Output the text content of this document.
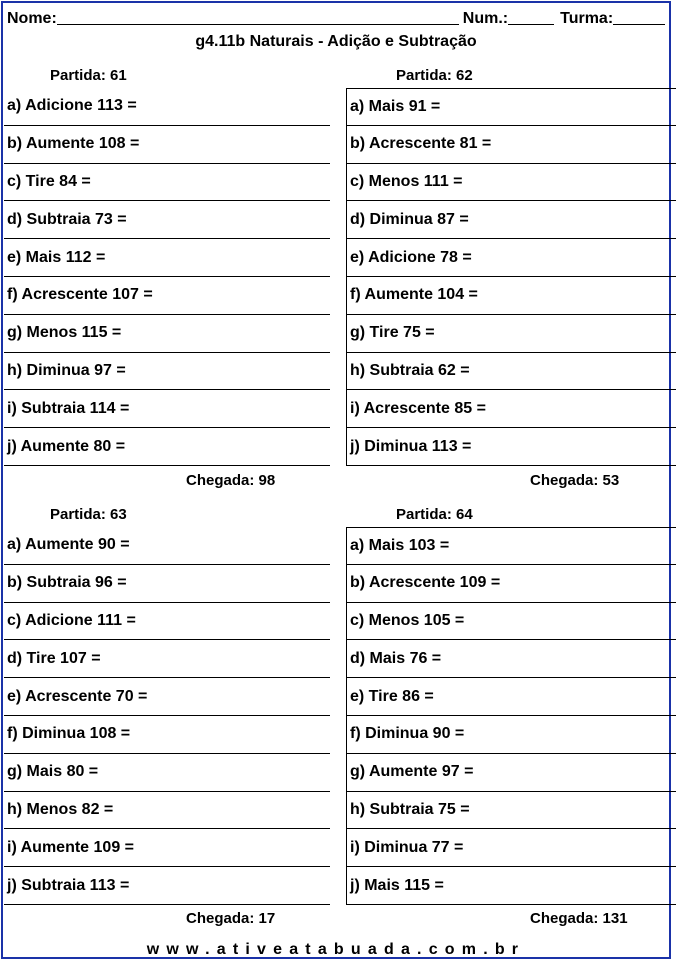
Nome:	Num.:	Turma:
g4.11b Naturais - Adição e Subtração
Partida: 61
a) Adicione 113 =
b) Aumente 108 =
c) Tire 84 =
d) Subtraia 73 =
e) Mais 112 =
f) Acrescente 107 =
g) Menos 115 =
h) Diminua 97 =
i) Subtraia 114 =
j) Aumente 80 =
Chegada: 98
Partida: 62
a) Mais 91 =
b) Acrescente 81 =
c) Menos 111 =
d) Diminua 87 =
e) Adicione 78 =
f) Aumente 104 =
g) Tire 75 =
h) Subtraia 62 =
i) Acrescente 85 =
j) Diminua 113 =
Chegada: 53
Partida: 63
a) Aumente 90 =
b) Subtraia 96 =
c) Adicione 111 =
d) Tire 107 =
e) Acrescente 70 =
f) Diminua 108 =
g) Mais 80 =
h) Menos 82 =
i) Aumente 109 =
j) Subtraia 113 =
Chegada: 17
Partida: 64
a) Mais 103 =
b) Acrescente 109 =
c) Menos 105 =
d) Mais 76 =
e) Tire 86 =
f) Diminua 90 =
g) Aumente 97 =
h) Subtraia 75 =
i) Diminua 77 =
j) Mais 115 =
Chegada: 131
www.ativeatabuada.com.br
